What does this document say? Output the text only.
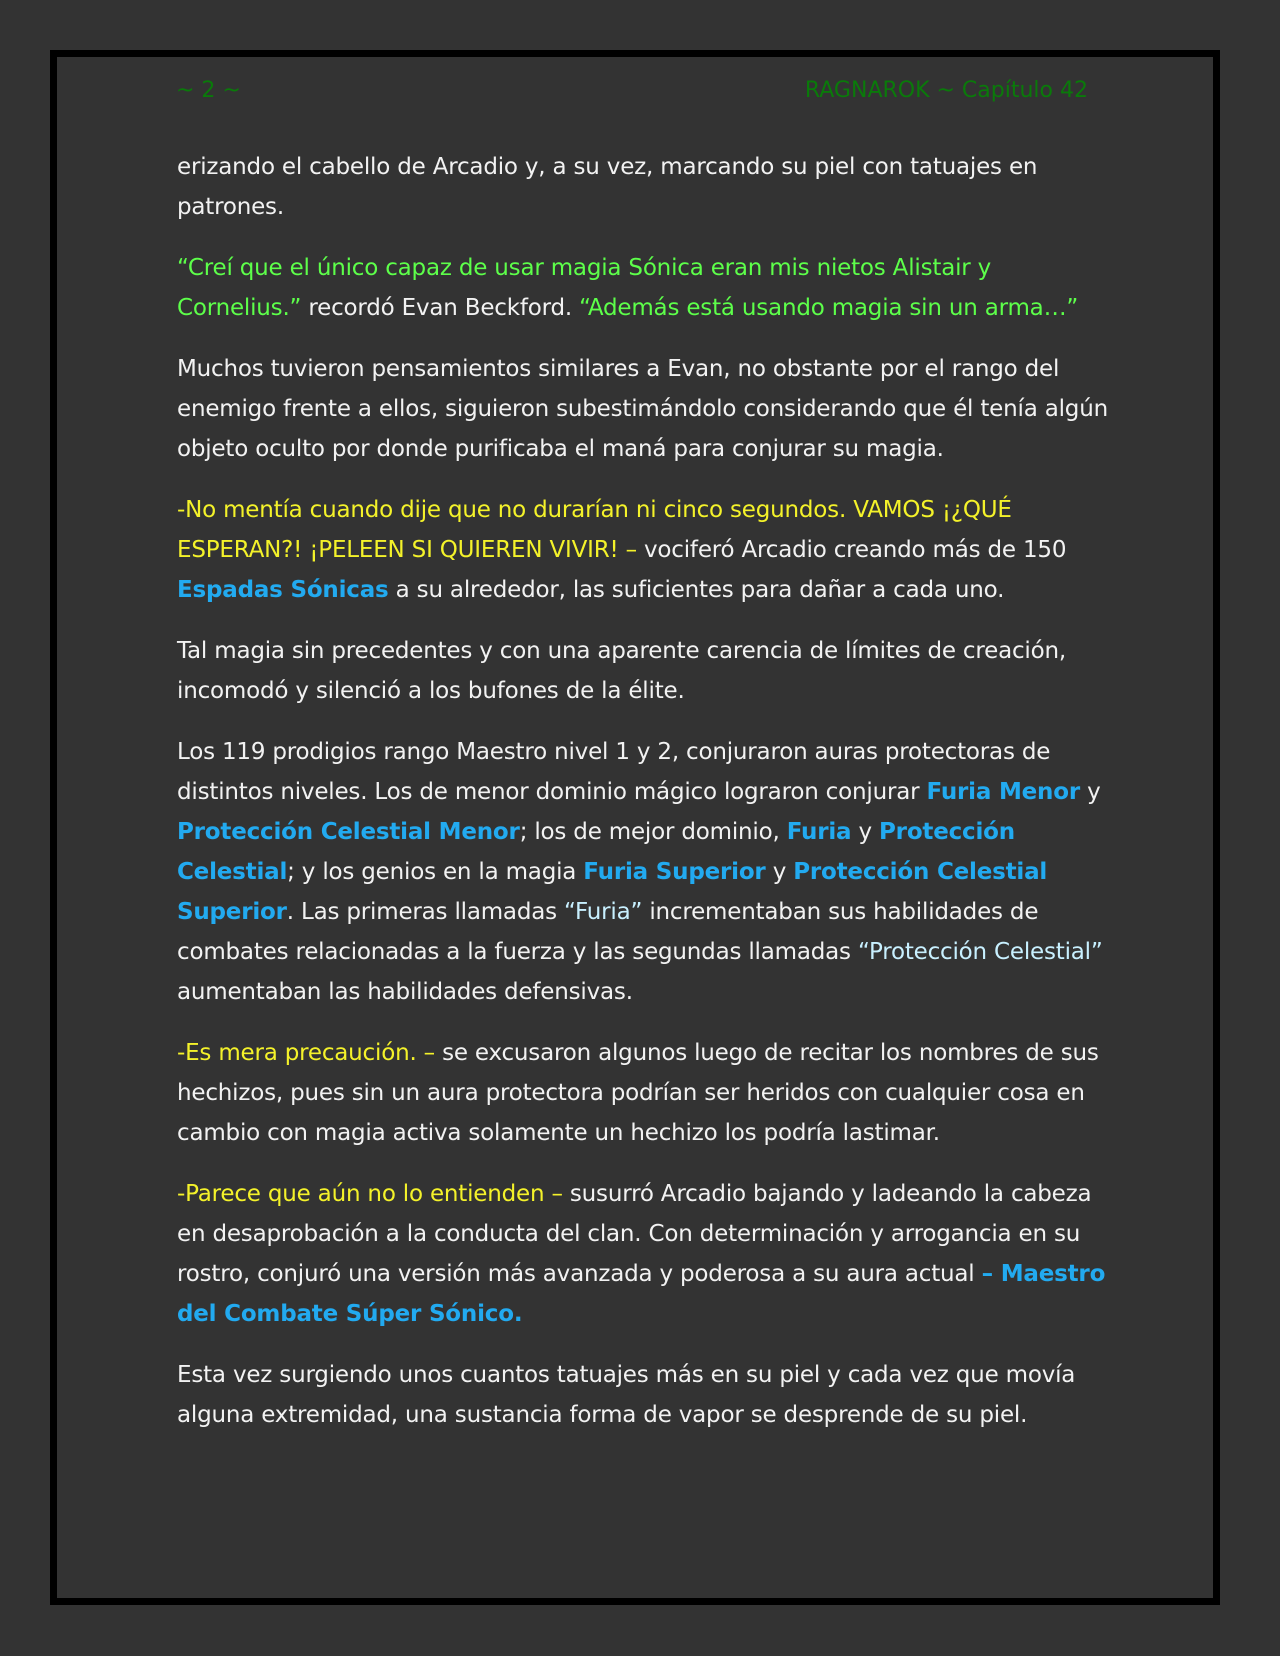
~ 2 ~	RAGNAROK ~ Capítulo 42

erizando el cabello de Arcadio y, a su vez, marcando su piel con tatuajes en patrones.

“Creí que el único capaz de usar magia Sónica eran mis nietos Alistair y Cornelius.” recordó Evan Beckford. “Además está usando magia sin un arma…”

Muchos tuvieron pensamientos similares a Evan, no obstante por el rango del enemigo frente a ellos, siguieron subestimándolo considerando que él tenía algún objeto oculto por donde purificaba el maná para conjurar su magia.

-No mentía cuando dije que no durarían ni cinco segundos. VAMOS ¡¿QUÉ ESPERAN?! ¡PELEEN SI QUIEREN VIVIR! – vociferó Arcadio creando más de 150 Espadas Sónicas a su alrededor, las suficientes para dañar a cada uno.

Tal magia sin precedentes y con una aparente carencia de límites de creación, incomodó y silenció a los bufones de la élite.

Los 119 prodigios rango Maestro nivel 1 y 2, conjuraron auras protectoras de distintos niveles. Los de menor dominio mágico lograron conjurar Furia Menor y Protección Celestial Menor; los de mejor dominio, Furia y Protección Celestial; y los genios en la magia Furia Superior y Protección Celestial Superior. Las primeras llamadas “Furia” incrementaban sus habilidades de combates relacionadas a la fuerza y las segundas llamadas “Protección Celestial” aumentaban las habilidades defensivas.

-Es mera precaución. – se excusaron algunos luego de recitar los nombres de sus hechizos, pues sin un aura protectora podrían ser heridos con cualquier cosa en cambio con magia activa solamente un hechizo los podría lastimar.

-Parece que aún no lo entienden – susurró Arcadio bajando y ladeando la cabeza en desaprobación a la conducta del clan. Con determinación y arrogancia en su rostro, conjuró una versión más avanzada y poderosa a su aura actual – Maestro del Combate Súper Sónico.

Esta vez surgiendo unos cuantos tatuajes más en su piel y cada vez que movía alguna extremidad, una sustancia forma de vapor se desprende de su piel.
